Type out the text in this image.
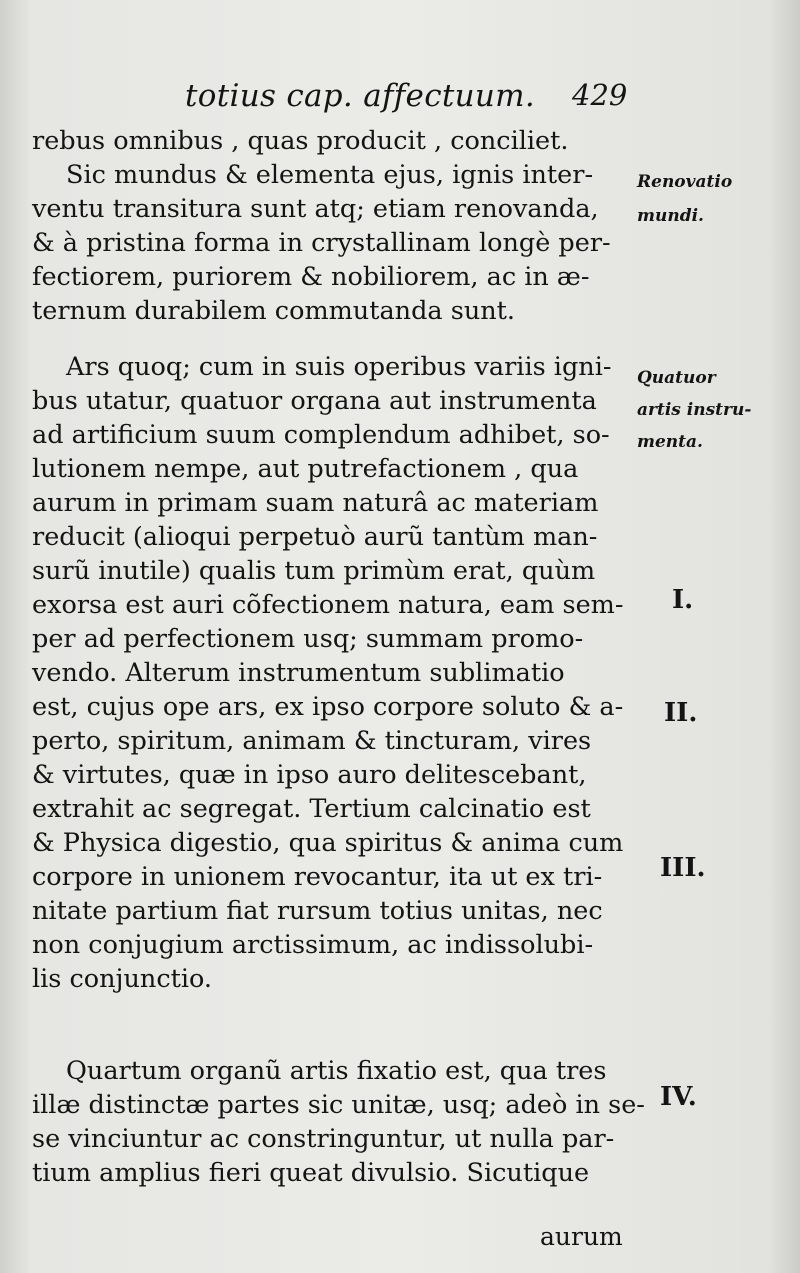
totius cap. affectuum. 429
rebus omnibus , quas producit , conciliet.
Sic mundus & elementa ejus, ignis inter-
ventu transitura sunt atq; etiam renovanda,
& à pristina forma in crystallinam longè per-
fectiorem, puriorem & nobiliorem, ac in æ-
ternum durabilem commutanda sunt.
Ars quoq; cum in suis operibus variis igni-
bus utatur, quatuor organa aut instrumenta
ad artificium suum complendum adhibet, so-
lutionem nempe, aut putrefactionem , qua
aurum in primam suam naturâ ac materiam
reducit (alioqui perpetuò aurũ tantùm man-
surũ inutile) qualis tum primùm erat, quùm
exorsa est auri cõfectionem natura, eam sem-
per ad perfectionem usq; summam promo-
vendo. Alterum instrumentum sublimatio
est, cujus ope ars, ex ipso corpore soluto & a-
perto, spiritum, animam & tincturam, vires
& virtutes, quæ in ipso auro delitescebant,
extrahit ac segregat. Tertium calcinatio est
& Physica digestio, qua spiritus & anima cum
corpore in unionem revocantur, ita ut ex tri-
nitate partium fiat rursum totius unitas, nec
non conjugium arctissimum, ac indissolubi-
lis conjunctio.
Quartum organũ artis fixatio est, qua tres
illæ distinctæ partes sic unitæ, usq; adeò in se-
se vinciuntur ac constringuntur, ut nulla par-
tium amplius fieri queat divulsio. Sicutique
Renovatio
mundi.
Quatuor
artis instru-
menta.
I.
II.
III.
IV.
aurum
